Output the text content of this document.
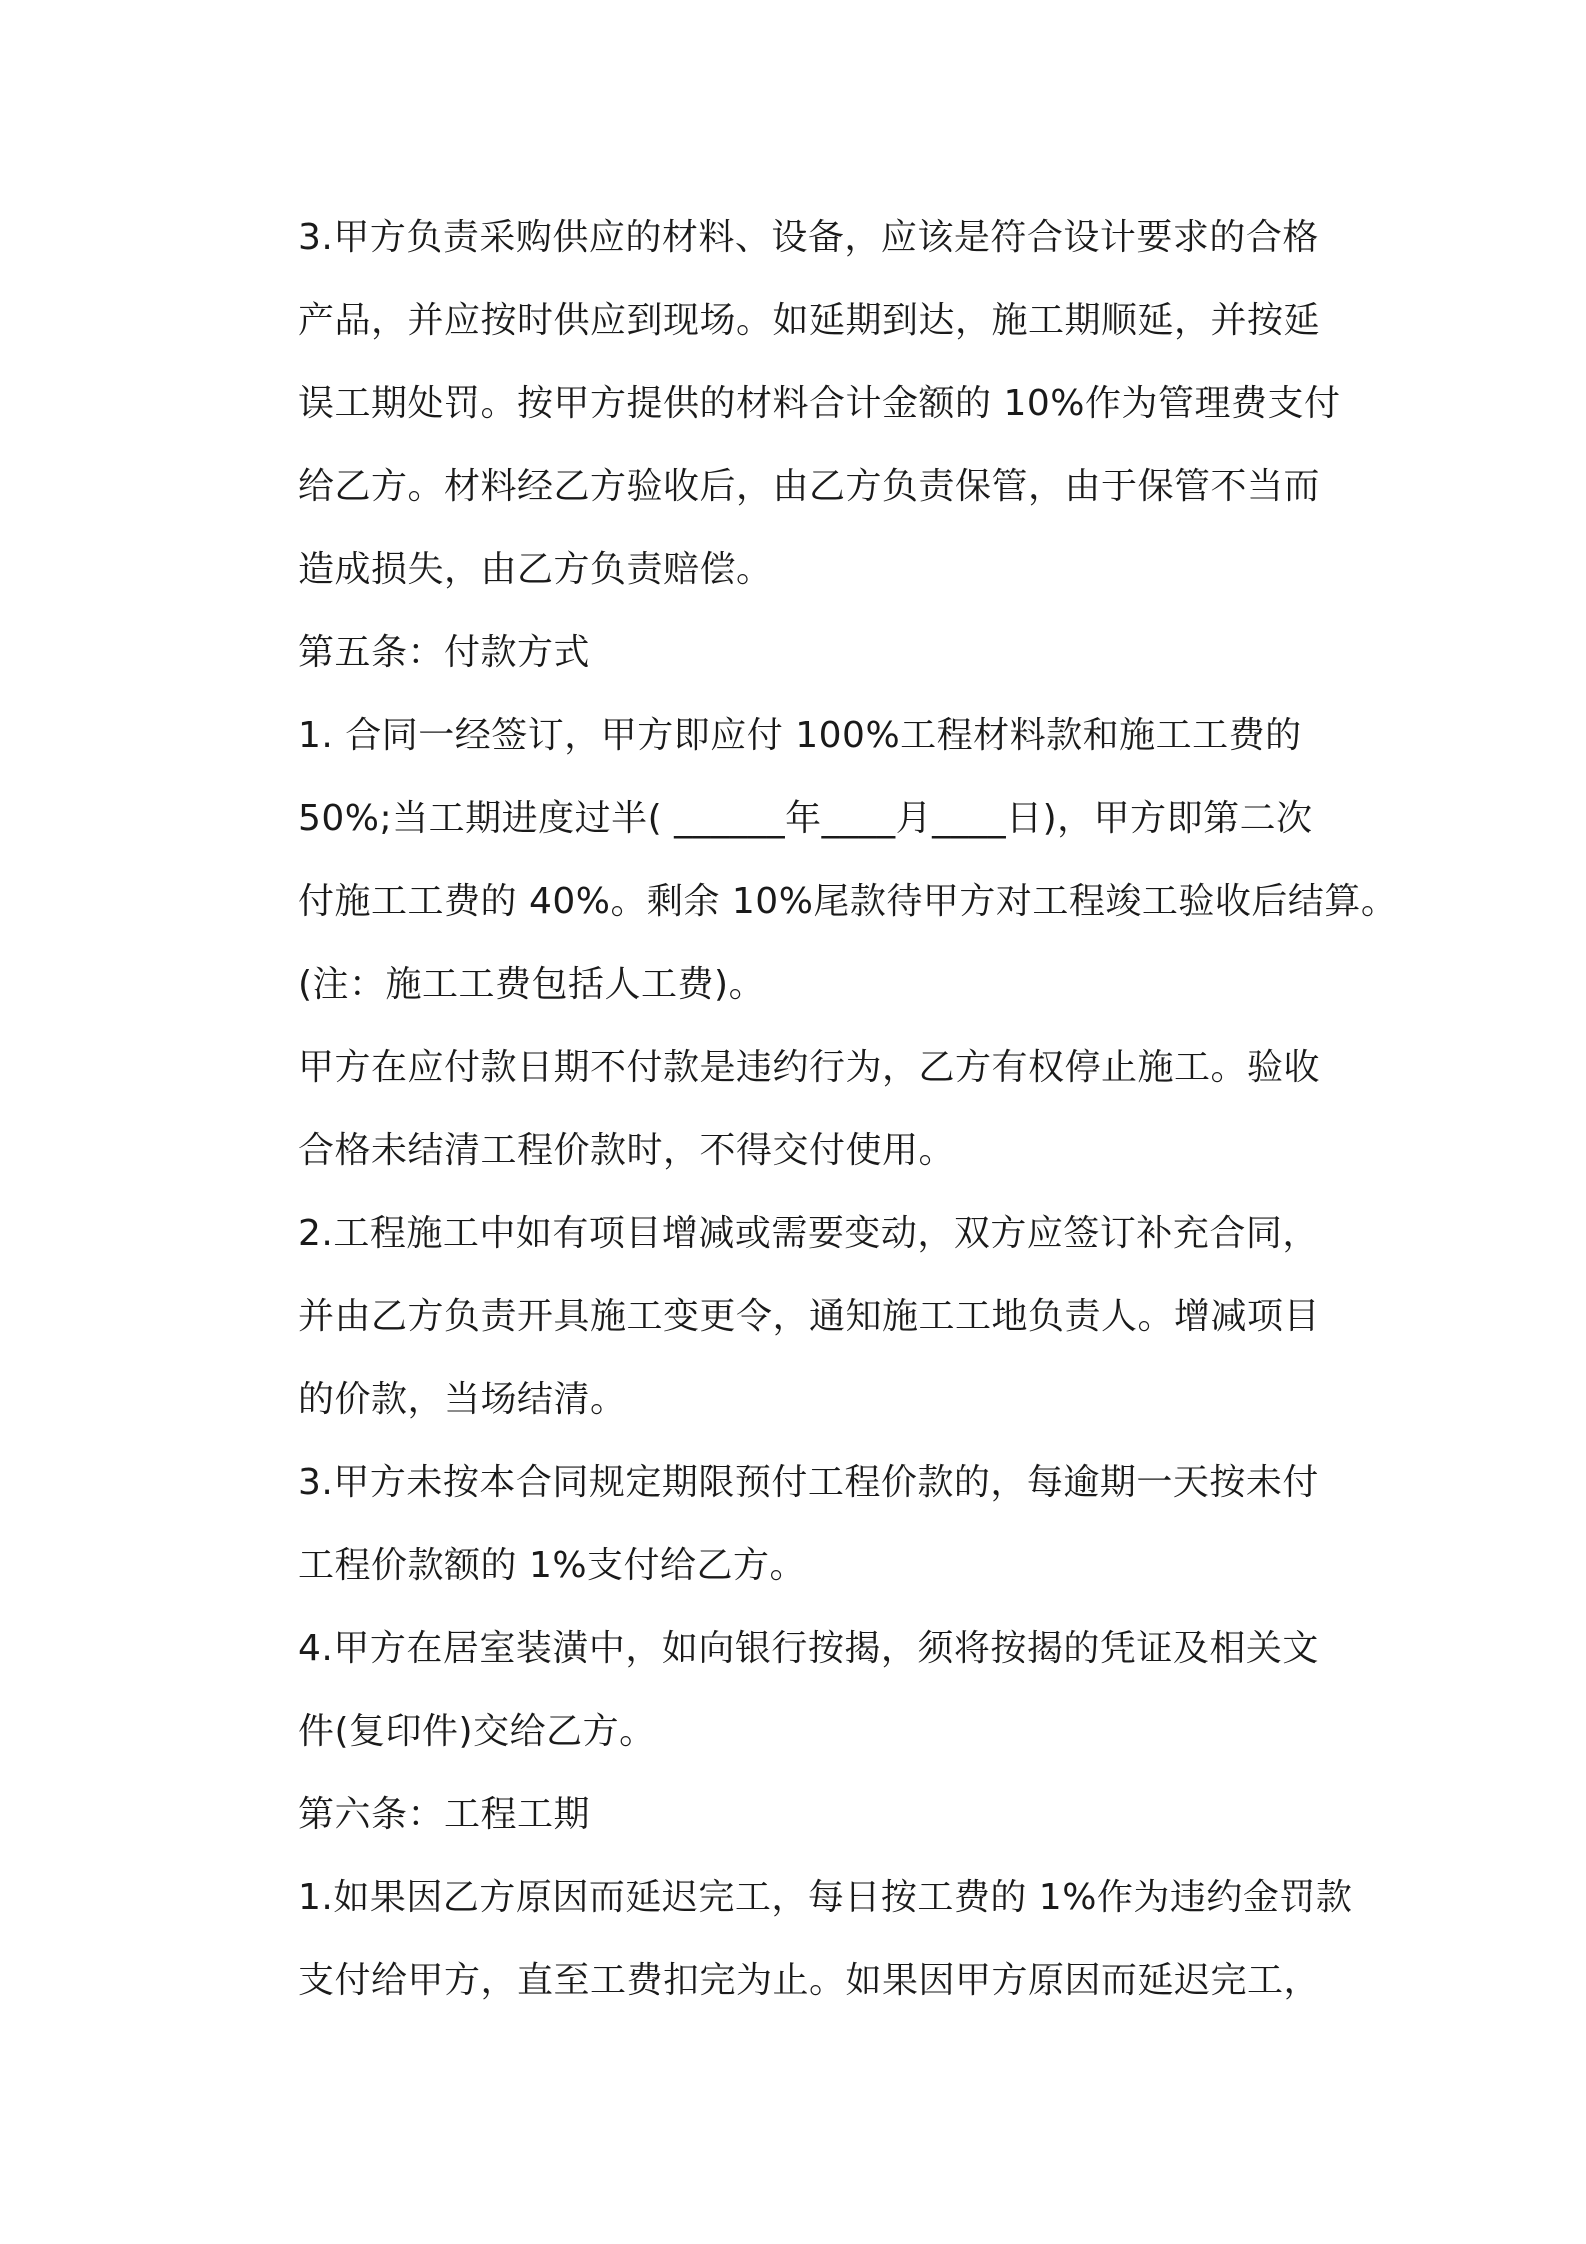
3.甲方负责采购供应的材料、设备，应该是符合设计要求的合格
产品，并应按时供应到现场。如延期到达，施工期顺延，并按延
误工期处罚。按甲方提供的材料合计金额的 10%作为管理费支付
给乙方。材料经乙方验收后，由乙方负责保管，由于保管不当而
造成损失，由乙方负责赔偿。
第五条：付款方式
1. 合同一经签订，甲方即应付 100%工程材料款和施工工费的
50%;当工期进度过半( ______年____月____日)，甲方即第二次
付施工工费的 40%。剩余 10%尾款待甲方对工程竣工验收后结算。
(注：施工工费包括人工费)。
甲方在应付款日期不付款是违约行为，乙方有权停止施工。验收
合格未结清工程价款时，不得交付使用。
2.工程施工中如有项目增减或需要变动，双方应签订补充合同，
并由乙方负责开具施工变更令，通知施工工地负责人。增减项目
的价款，当场结清。
3.甲方未按本合同规定期限预付工程价款的，每逾期一天按未付
工程价款额的 1%支付给乙方。
4.甲方在居室装潢中，如向银行按揭，须将按揭的凭证及相关文
件(复印件)交给乙方。
第六条：工程工期
1.如果因乙方原因而延迟完工，每日按工费的 1%作为违约金罚款
支付给甲方，直至工费扣完为止。如果因甲方原因而延迟完工，
